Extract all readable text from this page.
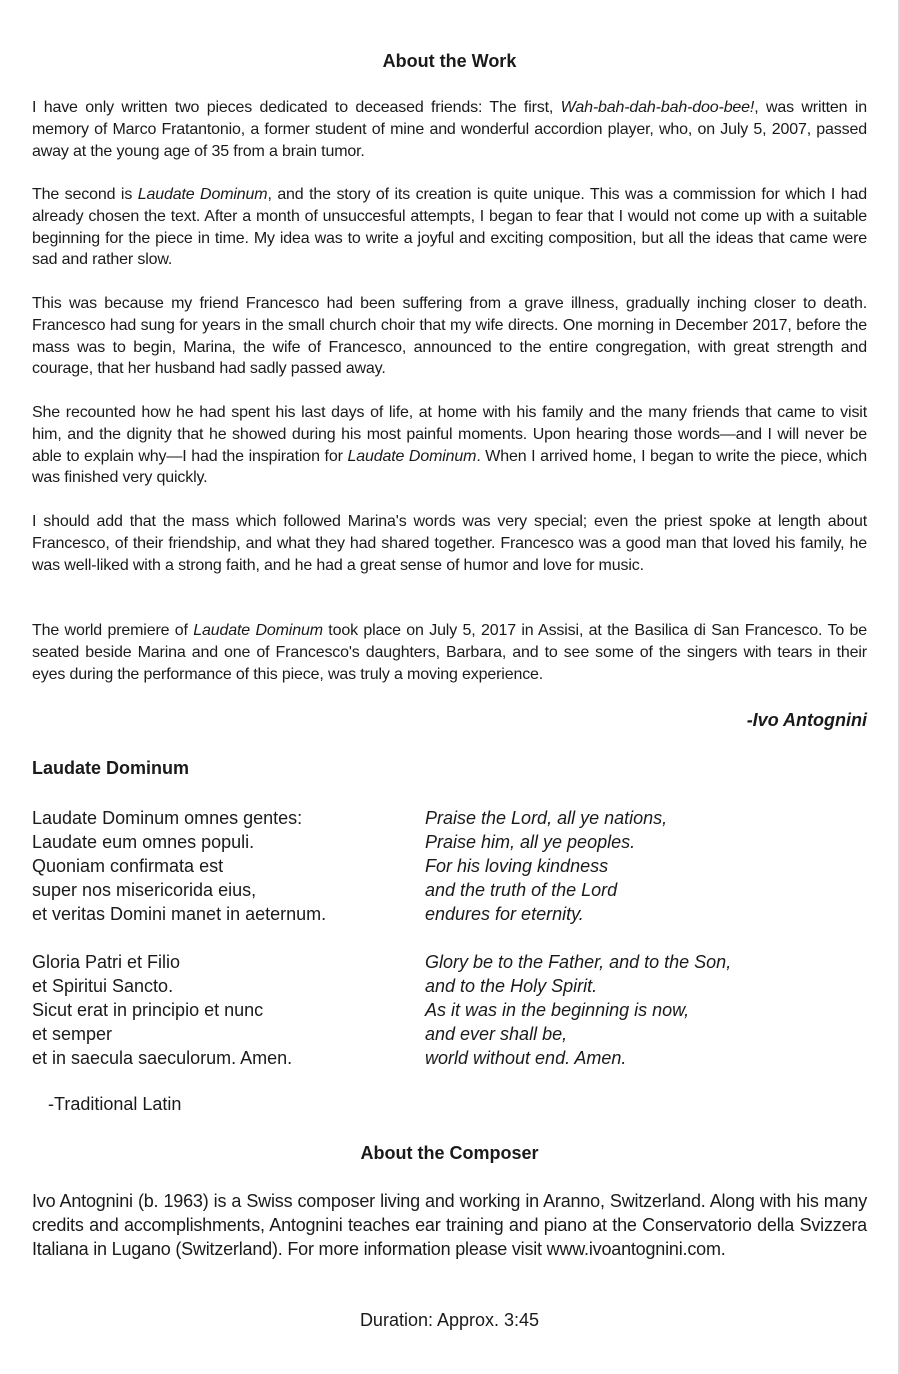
About the Work

I have only written two pieces dedicated to deceased friends: The first, Wah-bah-dah-bah-doo-bee!, was written in memory of Marco Fratantonio, a former student of mine and wonderful accordion player, who, on July 5, 2007, passed away at the young age of 35 from a brain tumor.

The second is Laudate Dominum, and the story of its creation is quite unique. This was a commission for which I had already chosen the text. After a month of unsuccesful attempts, I began to fear that I would not come up with a suitable beginning for the piece in time. My idea was to write a joyful and exciting composition, but all the ideas that came were sad and rather slow.

This was because my friend Francesco had been suffering from a grave illness, gradually inching closer to death. Francesco had sung for years in the small church choir that my wife directs. One morning in December 2017, before the mass was to begin, Marina, the wife of Francesco, announced to the entire congregation, with great strength and courage, that her husband had sadly passed away.

She recounted how he had spent his last days of life, at home with his family and the many friends that came to visit him, and the dignity that he showed during his most painful moments. Upon hearing those words—and I will never be able to explain why—I had the inspiration for Laudate Dominum. When I arrived home, I began to write the piece, which was finished very quickly.

I should add that the mass which followed Marina's words was very special; even the priest spoke at length about Francesco, of their friendship, and what they had shared together. Francesco was a good man that loved his family, he was well-liked with a strong faith, and he had a great sense of humor and love for music.

The world premiere of Laudate Dominum took place on July 5, 2017 in Assisi, at the Basilica di San Francesco. To be seated beside Marina and one of Francesco's daughters, Barbara, and to see some of the singers with tears in their eyes during the performance of this piece, was truly a moving experience.

-Ivo Antognini
Laudate Dominum
Laudate Dominum omnes gentes:
Laudate eum omnes populi.
Quoniam confirmata est
super nos misericorida eius,
et veritas Domini manet in aeternum.
Praise the Lord, all ye nations,
Praise him, all ye peoples.
For his loving kindness
and the truth of the Lord
endures for eternity.
Gloria Patri et Filio
et Spiritui Sancto.
Sicut erat in principio et nunc
et semper
et in saecula saeculorum. Amen.
Glory be to the Father, and to the Son,
and to the Holy Spirit.
As it was in the beginning is now,
and ever shall be,
world without end. Amen.
-Traditional Latin
About the Composer

Ivo Antognini (b. 1963) is a Swiss composer living and working in Aranno, Switzerland. Along with his many credits and accomplishments, Antognini teaches ear training and piano at the Conservatorio della Svizzera Italiana in Lugano (Switzerland). For more information please visit www.ivoantognini.com.

Duration: Approx. 3:45
